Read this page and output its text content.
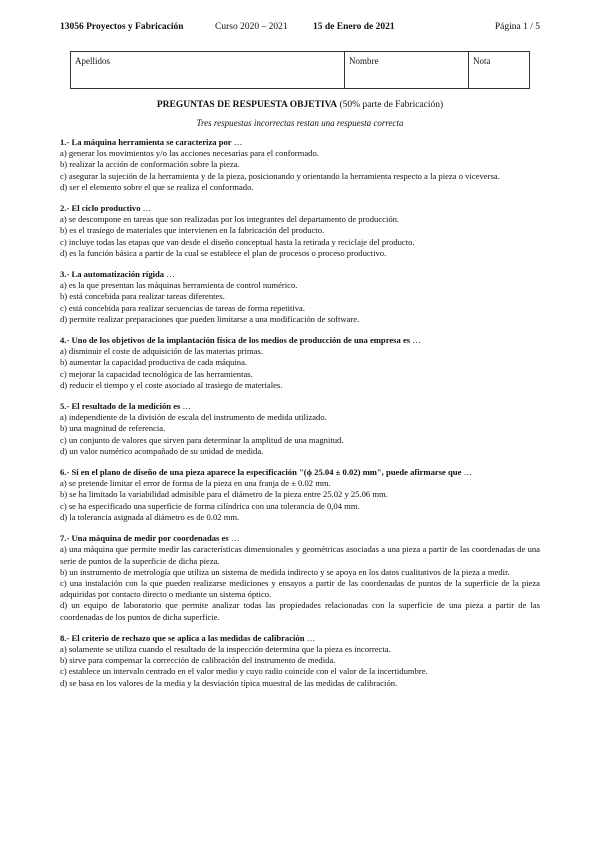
13056 Proyectos y Fabricación	Curso 2020 – 2021	15 de Enero de 2021	Página 1 / 5
Apellidos	Nombre	Nota
PREGUNTAS DE RESPUESTA OBJETIVA (50% parte de Fabricación)
Tres respuestas incorrectas restan una respuesta correcta
1.- La máquina herramienta se caracteriza por …
a) generar los movimientos y/o las acciones necesarias para el conformado.
b) realizar la acción de conformación sobre la pieza.
c) asegurar la sujeción de la herramienta y de la pieza, posicionando y orientando la herramienta respecto a la pieza o viceversa.
d) ser el elemento sobre el que se realiza el conformado.
2.- El ciclo productivo …
a) se descompone en tareas que son realizadas por los integrantes del departamento de producción.
b) es el trasiego de materiales que intervienen en la fabricación del producto.
c) incluye todas las etapas que van desde el diseño conceptual hasta la retirada y reciclaje del producto.
d) es la función básica a partir de la cual se establece el plan de procesos o proceso productivo.
3.- La automatización rígida …
a) es la que presentan las máquinas herramienta de control numérico.
b) está concebida para realizar tareas diferentes.
c) está concebida para realizar secuencias de tareas de forma repetitiva.
d) permite realizar preparaciones que pueden limitarse a una modificación de software.
4.- Uno de los objetivos de la implantación física de los medios de producción de una empresa es …
a) disminuir el coste de adquisición de las materias primas.
b) aumentar la capacidad productiva de cada máquina.
c) mejorar la capacidad tecnológica de las herramientas.
d) reducir el tiempo y el coste asociado al trasiego de materiales.
5.- El resultado de la medición es …
a) independiente de la división de escala del instrumento de medida utilizado.
b) una magnitud de referencia.
c) un conjunto de valores que sirven para determinar la amplitud de una magnitud.
d) un valor numérico acompañado de su unidad de medida.
6.- Si en el plano de diseño de una pieza aparece la especificación "(ϕ 25.04 ± 0.02) mm", puede afirmarse que …
a) se pretende limitar el error de forma de la pieza en una franja de ± 0.02 mm.
b) se ha limitado la variabilidad admisible para el diámetro de la pieza entre 25.02 y 25.06 mm.
c) se ha especificado una superficie de forma cilíndrica con una tolerancia de 0,04 mm.
d) la tolerancia asignada al diámetro es de 0.02 mm.
7.- Una máquina de medir por coordenadas es …
a) una máquina que permite medir las características dimensionales y geométricas asociadas a una pieza a partir de las coordenadas de una serie de puntos de la superficie de dicha pieza.
b) un instrumento de metrología que utiliza un sistema de medida indirecto y se apoya en los datos cualitativos de la pieza a medir.
c) una instalación con la que pueden realizarse mediciones y ensayos a partir de las coordenadas de puntos de la superficie de la pieza adquiridas por contacto directo o mediante un sistema óptico.
d) un equipo de laboratorio que permite analizar todas las propiedades relacionadas con la superficie de una pieza a partir de las coordenadas de los puntos de dicha superficie.
8.- El criterio de rechazo que se aplica a las medidas de calibración …
a) solamente se utiliza cuando el resultado de la inspección determina que la pieza es incorrecta.
b) sirve para compensar la corrección de calibración del instrumento de medida.
c) establece un intervalo centrado en el valor medio y cuyo radio coincide con el valor de la incertidumbre.
d) se basa en los valores de la media y la desviación típica muestral de las medidas de calibración.
